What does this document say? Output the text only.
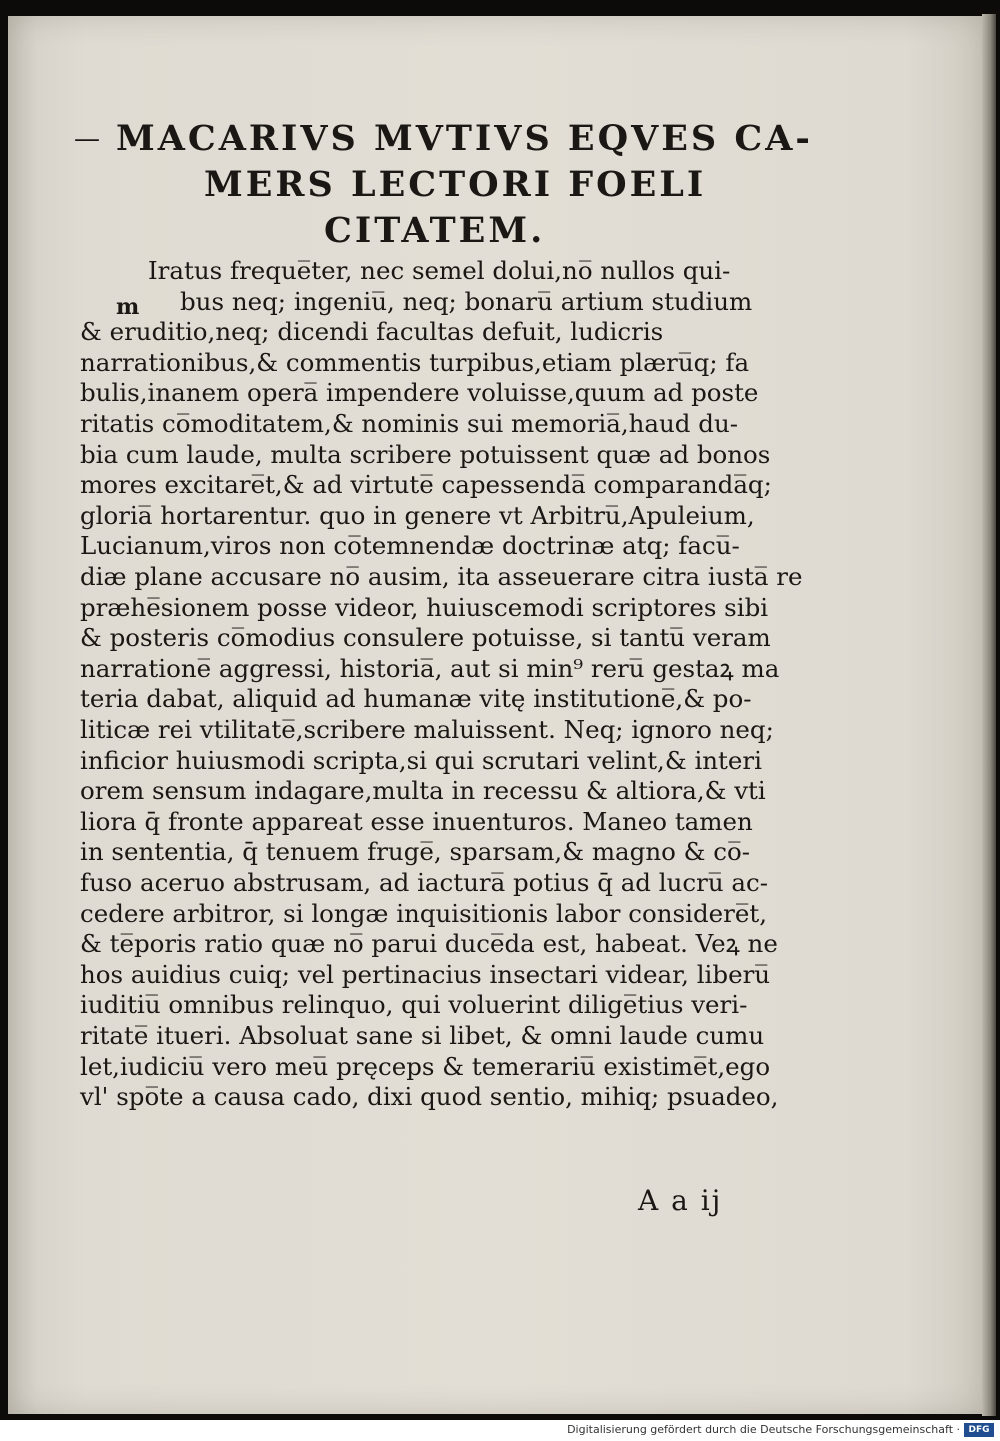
— MACARIVS MVTIVS EQVES CA-
MERS LECTORI FOELI
CITATEM.
m
Iratus freque̅ter, nec semel dolui,no̅ nullos qui-
bus neq; ingeniu̅, neq; bonaru̅ artium studium
& eruditio,neq; dicendi facultas defuit, ludicris
narrationibus,& commentis turpibus,etiam plæru̅q; fa
bulis,inanem opera̅ impendere voluisse,quum ad poste
ritatis co̅moditatem,& nominis sui memoria̅,haud du-
bia cum laude, multa scribere potuissent quæ ad bonos
mores excitare̅t,& ad virtute̅ capessenda̅ comparanda̅q;
gloria̅ hortarentur. quo in genere vt Arbitru̅,Apuleium,
Lucianum,viros non co̅temnendæ doctrinæ atq; facu̅-
diæ plane accusare no̅ ausim, ita asseuerare citra iusta̅ re
præhe̅sionem posse videor, huiuscemodi scriptores sibi
& posteris co̅modius consulere potuisse, si tantu̅ veram
narratione̅ aggressi, historia̅, aut si min⁹ reru̅ gestaꝝ ma
teria dabat, aliquid ad humanæ vitę institutione̅,& po-
liticæ rei vtilitate̅,scribere maluissent. Neq; ignoro neq;
inficior huiusmodi scripta,si qui scrutari velint,& interi
orem sensum indagare,multa in recessu & altiora,& vti
liora q̄ fronte appareat esse inuenturos. Maneo tamen
in sententia, q̄ tenuem fruge̅, sparsam,& magno & co̅-
fuso aceruo abstrusam, ad iactura̅ potius q̄ ad lucru̅ ac-
cedere arbitror, si longæ inquisitionis labor considere̅t,
& te̅poris ratio quæ no̅ parui duce̅da est, habeat. Veꝝ ne
hos auidius cuiq; vel pertinacius insectari videar, liberu̅
iuditiu̅ omnibus relinquo, qui voluerint dilige̅tius veri-
ritate̅ itueri. Absoluat sane si libet, & omni laude cumu
let,iudiciu̅ vero meu̅ pręceps & temerariu̅ existime̅t,ego
vl' spo̅te a causa cado, dixi quod sentio, mihiq; psuadeo,
A a ij
Digitalisierung gefördert durch die Deutsche Forschungsgemeinschaft · DFG
